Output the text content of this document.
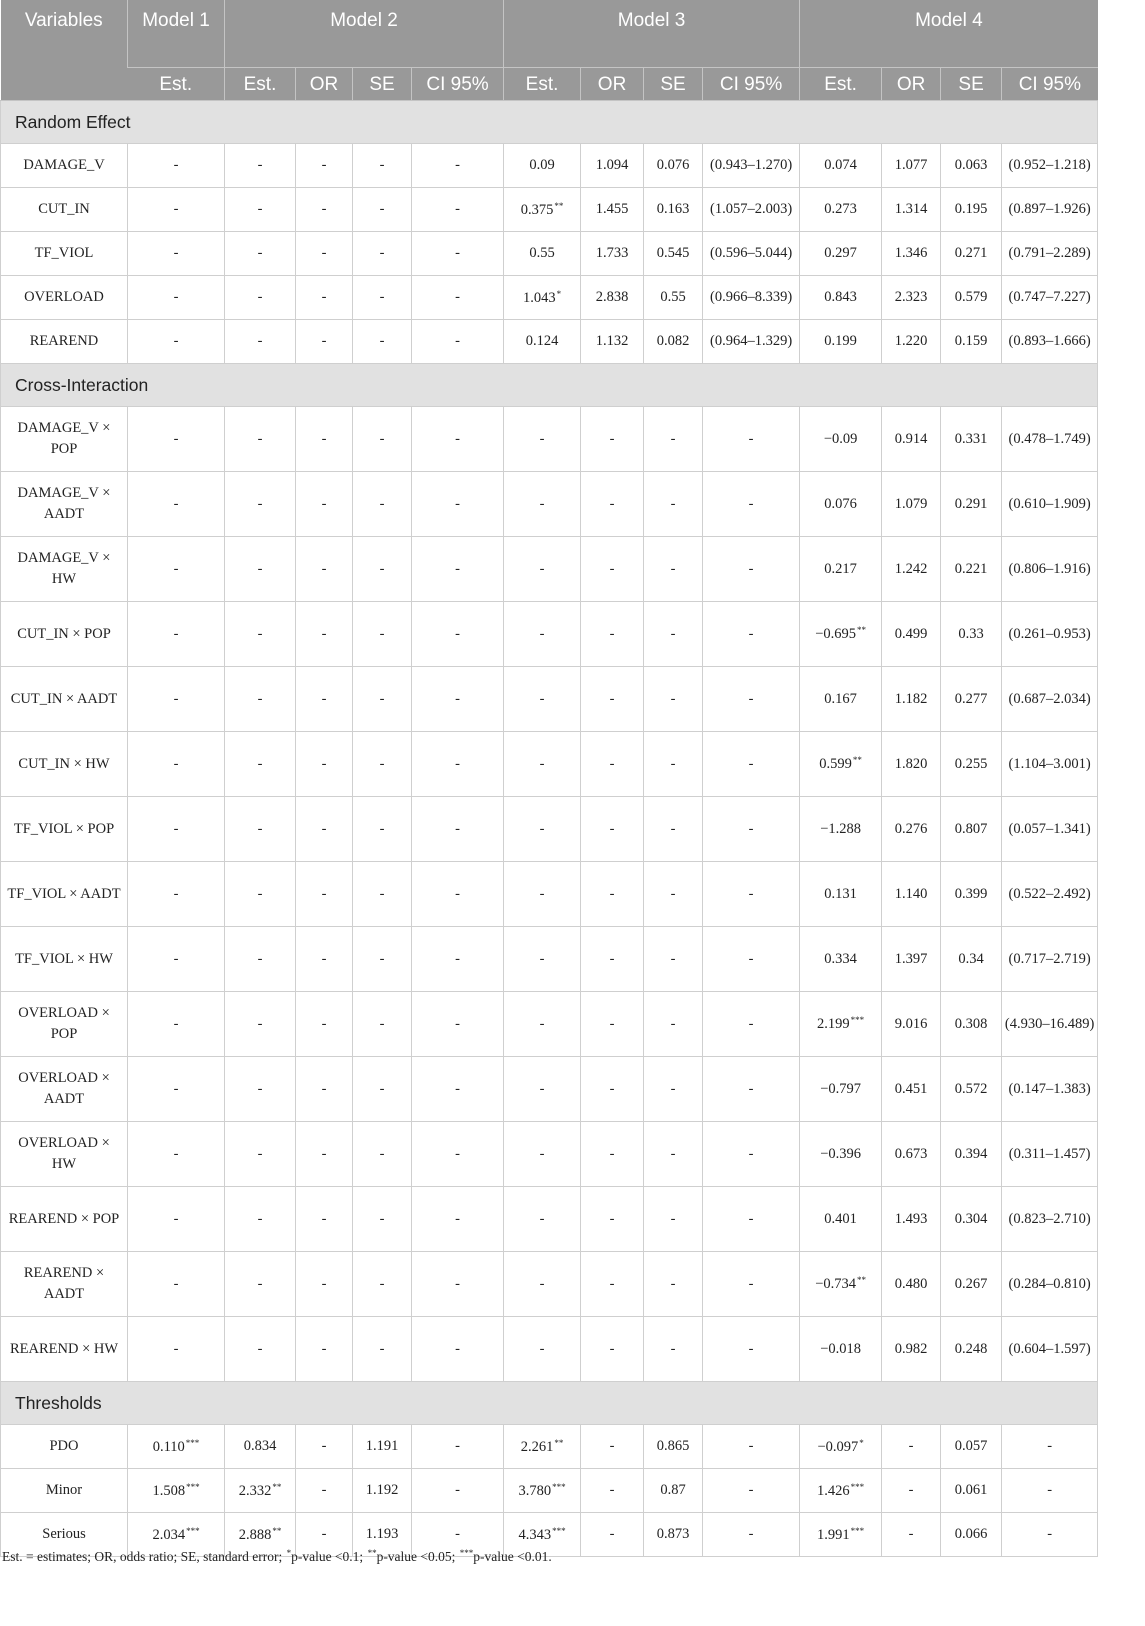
Variables	Model 1	Model 2				Model 3				Model 4			
	Est.	Est.	OR	SE	CI 95%	Est.	OR	SE	CI 95%	Est.	OR	SE	CI 95%
Random Effect													
DAMAGE_V	-	-	-	-	-	0.09	1.094	0.076	(0.943–1.270)	0.074	1.077	0.063	(0.952–1.218)
CUT_IN	-	-	-	-	-	0.375**	1.455	0.163	(1.057–2.003)	0.273	1.314	0.195	(0.897–1.926)
TF_VIOL	-	-	-	-	-	0.55	1.733	0.545	(0.596–5.044)	0.297	1.346	0.271	(0.791–2.289)
OVERLOAD	-	-	-	-	-	1.043*	2.838	0.55	(0.966–8.339)	0.843	2.323	0.579	(0.747–7.227)
REAREND	-	-	-	-	-	0.124	1.132	0.082	(0.964–1.329)	0.199	1.220	0.159	(0.893–1.666)
Cross-Interaction													
DAMAGE_V × POP	-	-	-	-	-	-	-	-	-	−0.09	0.914	0.331	(0.478–1.749)
DAMAGE_V × AADT	-	-	-	-	-	-	-	-	-	0.076	1.079	0.291	(0.610–1.909)
DAMAGE_V × HW	-	-	-	-	-	-	-	-	-	0.217	1.242	0.221	(0.806–1.916)
CUT_IN × POP	-	-	-	-	-	-	-	-	-	−0.695**	0.499	0.33	(0.261–0.953)
CUT_IN × AADT	-	-	-	-	-	-	-	-	-	0.167	1.182	0.277	(0.687–2.034)
CUT_IN × HW	-	-	-	-	-	-	-	-	-	0.599**	1.820	0.255	(1.104–3.001)
TF_VIOL × POP	-	-	-	-	-	-	-	-	-	−1.288	0.276	0.807	(0.057–1.341)
TF_VIOL × AADT	-	-	-	-	-	-	-	-	-	0.131	1.140	0.399	(0.522–2.492)
TF_VIOL × HW	-	-	-	-	-	-	-	-	-	0.334	1.397	0.34	(0.717–2.719)
OVERLOAD × POP	-	-	-	-	-	-	-	-	-	2.199***	9.016	0.308	(4.930–16.489)
OVERLOAD × AADT	-	-	-	-	-	-	-	-	-	−0.797	0.451	0.572	(0.147–1.383)
OVERLOAD × HW	-	-	-	-	-	-	-	-	-	−0.396	0.673	0.394	(0.311–1.457)
REAREND × POP	-	-	-	-	-	-	-	-	-	0.401	1.493	0.304	(0.823–2.710)
REAREND × AADT	-	-	-	-	-	-	-	-	-	−0.734**	0.480	0.267	(0.284–0.810)
REAREND × HW	-	-	-	-	-	-	-	-	-	−0.018	0.982	0.248	(0.604–1.597)
Thresholds													
PDO	0.110***	0.834	-	1.191	-	2.261**	-	0.865	-	−0.097*	-	0.057	-
Minor	1.508***	2.332**	-	1.192	-	3.780***	-	0.87	-	1.426***	-	0.061	-
Serious	2.034***	2.888**	-	1.193	-	4.343***	-	0.873	-	1.991***	-	0.066	-
Est. = estimates; OR, odds ratio; SE, standard error; *p-value <0.1; **p-value <0.05; ***p-value <0.01.
